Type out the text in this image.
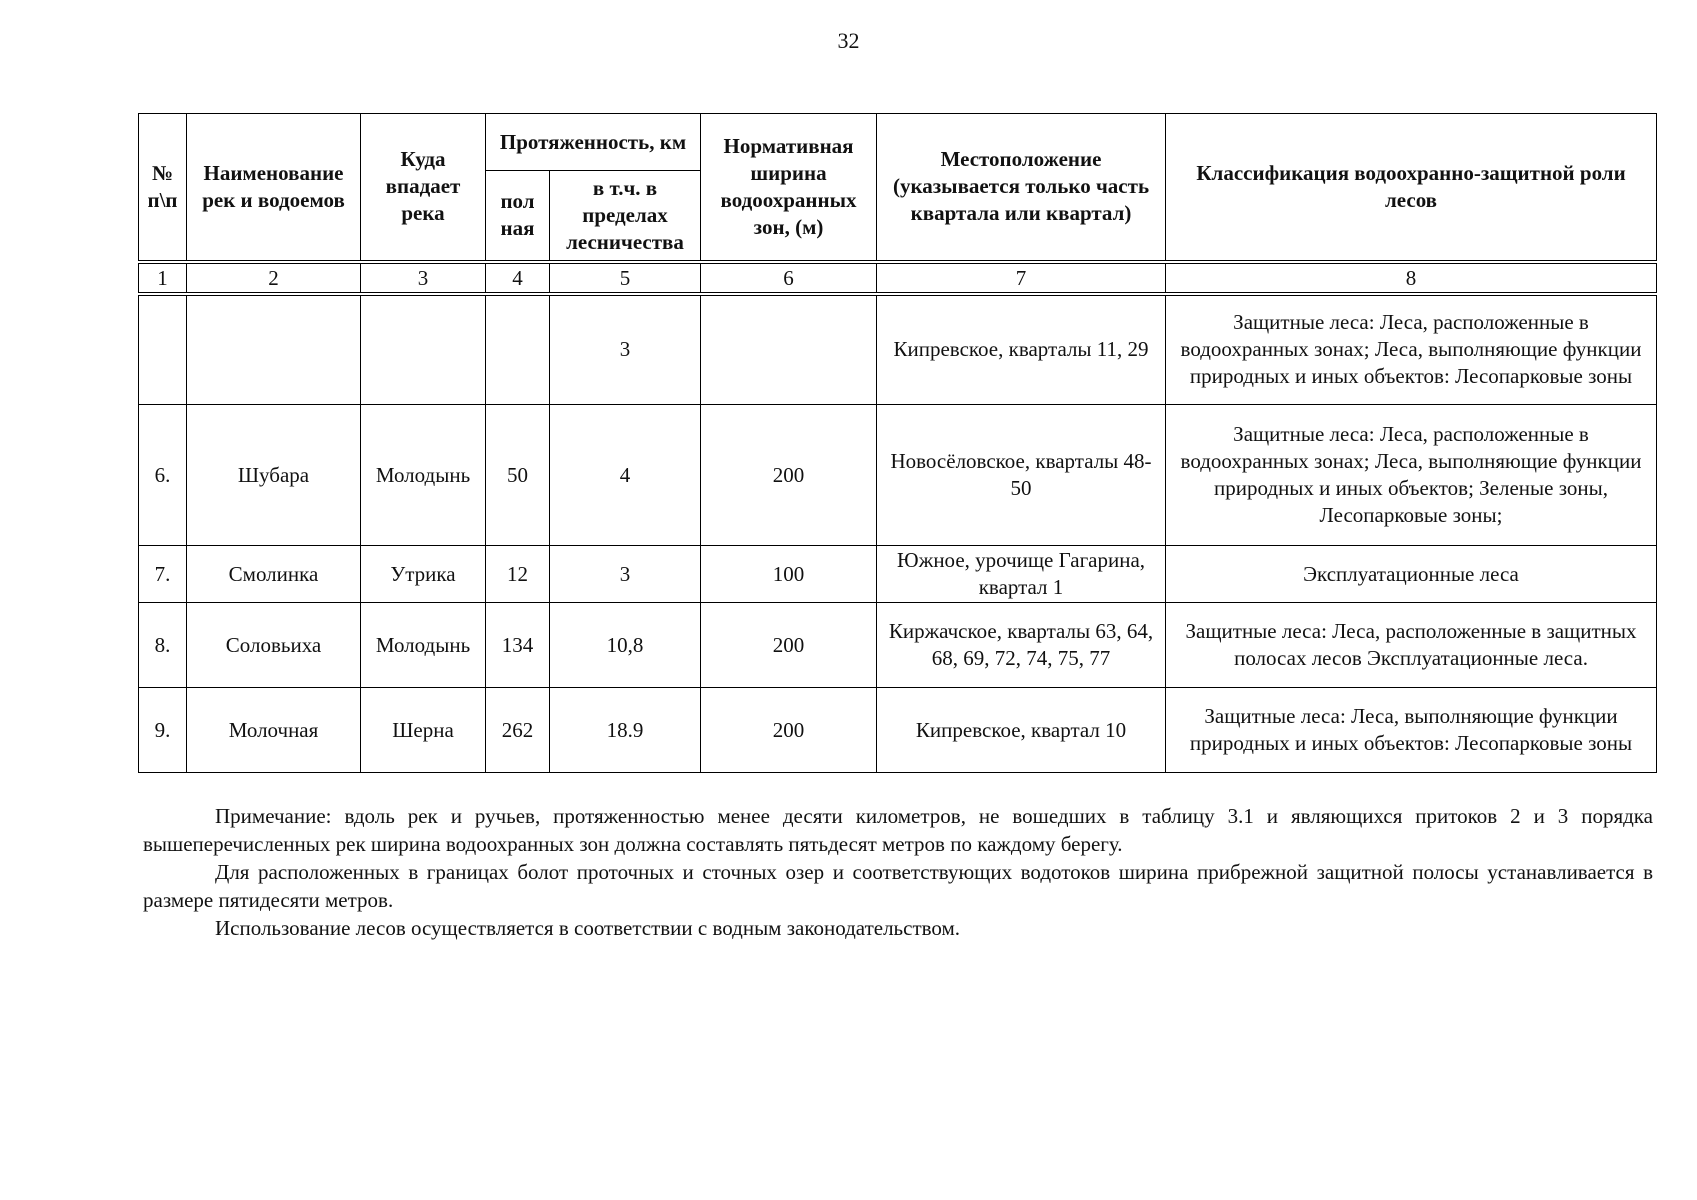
32
№ п\п	Наименование рек и водоемов	Куда впадает река	Протяженность, км		Нормативная ширина водоохранных зон, (м)	Местоположение (указывается только часть квартала или квартал)	Классификация водоохранно-защитной роли лесов
			пол ная	в т.ч. в пределах лесничества			
1	2	3	4	5	6	7	8
				3		Кипревское, кварталы 11, 29	Защитные леса: Леса, расположенные в водоохранных зонах; Леса, выполняющие функции природных и иных объектов: Лесопарковые зоны
6.	Шубара	Молодынь	50	4	200	Новосёловское, кварталы 48- 50	Защитные леса: Леса, расположенные в водоохранных зонах; Леса, выполняющие функции природных и иных объектов; Зеленые зоны, Лесопарковые зоны;
7.	Смолинка	Утрика	12	3	100	Южное, урочище Гагарина, квартал 1	Эксплуатационные леса
8.	Соловьиха	Молодынь	134	10,8	200	Киржачское, кварталы 63, 64, 68, 69, 72, 74, 75, 77	Защитные леса: Леса, расположенные в защитных полосах лесов Эксплуатационные леса.
9.	Молочная	Шерна	262	18.9	200	Кипревское, квартал 10	Защитные леса: Леса, выполняющие функции природных и иных объектов: Лесопарковые зоны

Примечание: вдоль рек и ручьев, протяженностью менее десяти километров, не вошедших в таблицу 3.1 и являющихся притоков 2 и 3 порядка вышеперечисленных рек ширина водоохранных зон должна составлять пятьдесят метров по каждому берегу.

Для расположенных в границах болот проточных и сточных озер и соответствующих водотоков ширина прибрежной защитной полосы устанавливается в размере пятидесяти метров.

Использование лесов осуществляется в соответствии с водным законодательством.
